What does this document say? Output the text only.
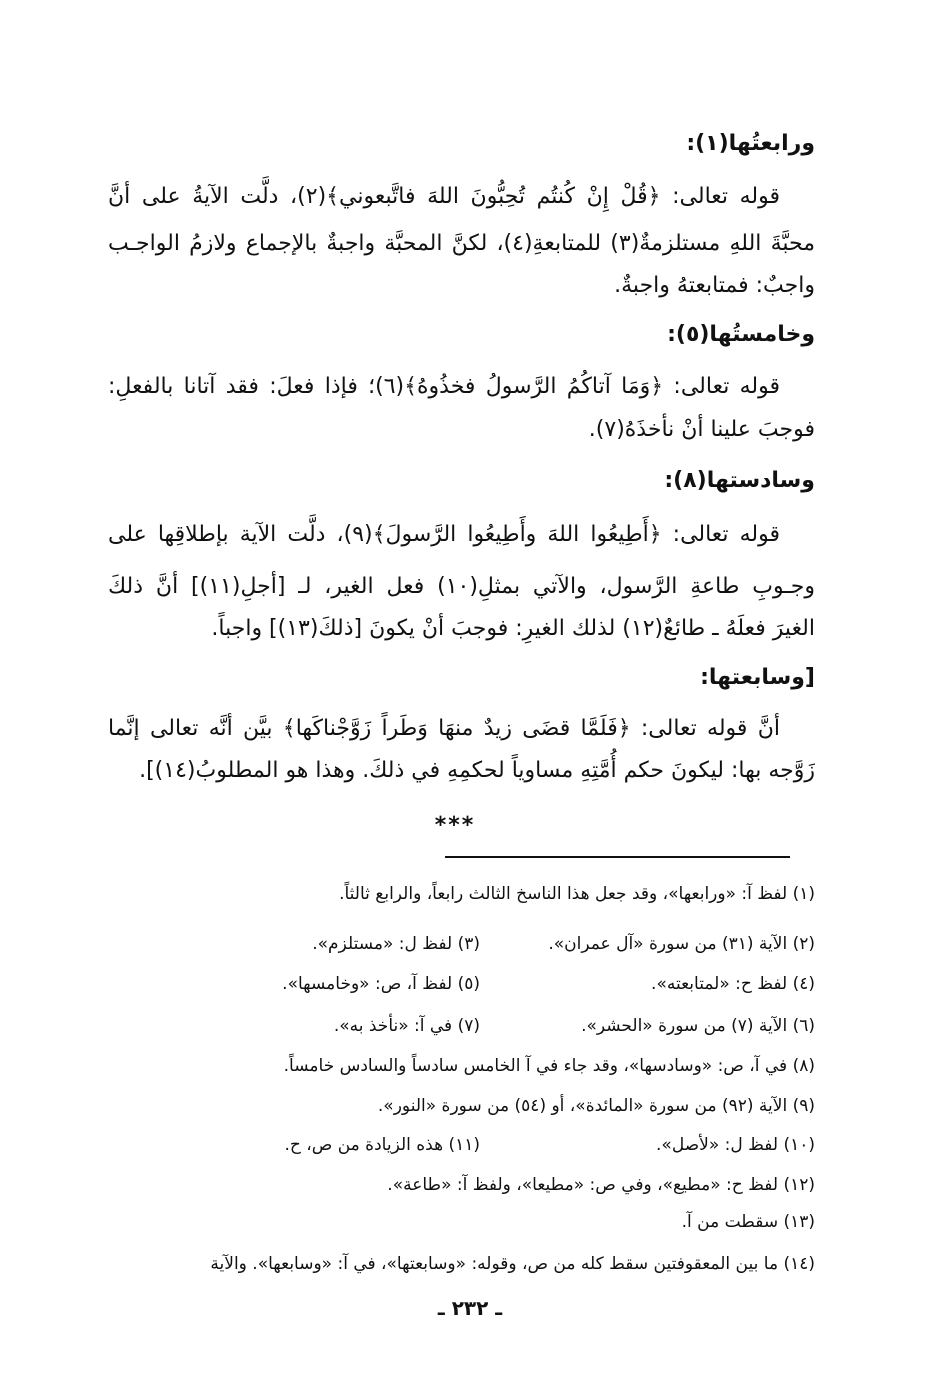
ورابعتُها(١):
قوله تعالى: ﴿قُلْ إِنْ كُنتُم تُحِبُّونَ اللهَ فاتَّبعوني﴾(٢)، دلَّت الآيةُ على أنَّ
محبَّةَ اللهِ مستلزمةٌ(٣) للمتابعةِ(٤)، لكنَّ المحبَّة واجبةٌ بالإجماع ولازمُ الواجـب
واجبٌ: فمتابعتهُ واجبةٌ.
وخامستُها(٥):
قوله تعالى: ﴿وَمَا آتاكُمُ الرَّسولُ فخذُوهُ﴾(٦)؛ فإذا فعلَ: فقد آتانا بالفعلِ:
فوجبَ علينا أنْ نأخذَهُ(٧).
وسادستها(٨):
قوله تعالى: ﴿أَطِيعُوا اللهَ وأَطِيعُوا الرَّسولَ﴾(٩)، دلَّت الآية بإطلاقِها على
وجـوبِ طاعةِ الرَّسول، والآتي بمثلِ(١٠) فعل الغير، لـ [أجلِ(١١)] أنَّ ذلكَ
الغيرَ فعلَهُ ـ طائعٌ(١٢) لذلك الغيرِ: فوجبَ أنْ يكونَ [ذلكَ(١٣)] واجباً.
[وسابعتها:
أنَّ قوله تعالى: ﴿فَلَمَّا قضَى زيدٌ منهَا وَطَراً زَوَّجْناكَها﴾ بيَّن أنَّه تعالى إنَّما
زَوَّجه بها: ليكونَ حكم أُمَّتِهِ مساوياً لحكمِهِ في ذلكَ. وهذا هو المطلوبُ(١٤)].
***
(١) لفظ آ: «ورابعها»، وقد جعل هذا الناسخ الثالث رابعاً، والرابع ثالثاً.
(٢) الآية (٣١) من سورة «آل عمران».
(٣) لفظ ل: «مستلزم».
(٤) لفظ ح: «لمتابعته».
(٥) لفظ آ، ص: «وخامسها».
(٦) الآية (٧) من سورة «الحشر».
(٧) في آ: «نأخذ به».
(٨) في آ، ص: «وسادسها»، وقد جاء في آ الخامس سادساً والسادس خامساً.
(٩) الآية (٩٢) من سورة «المائدة»، أو (٥٤) من سورة «النور».
(١٠) لفظ ل: «لأصل».
(١١) هذه الزيادة من ص، ح.
(١٢) لفظ ح: «مطيع»، وفي ص: «مطيعا»، ولفظ آ: «طاعة».
(١٣) سقطت من آ.
(١٤) ما بين المعقوفتين سقط كله من ص، وقوله: «وسابعتها»، في آ: «وسابعها». والآية
ـ ٢٣٢ ـ
